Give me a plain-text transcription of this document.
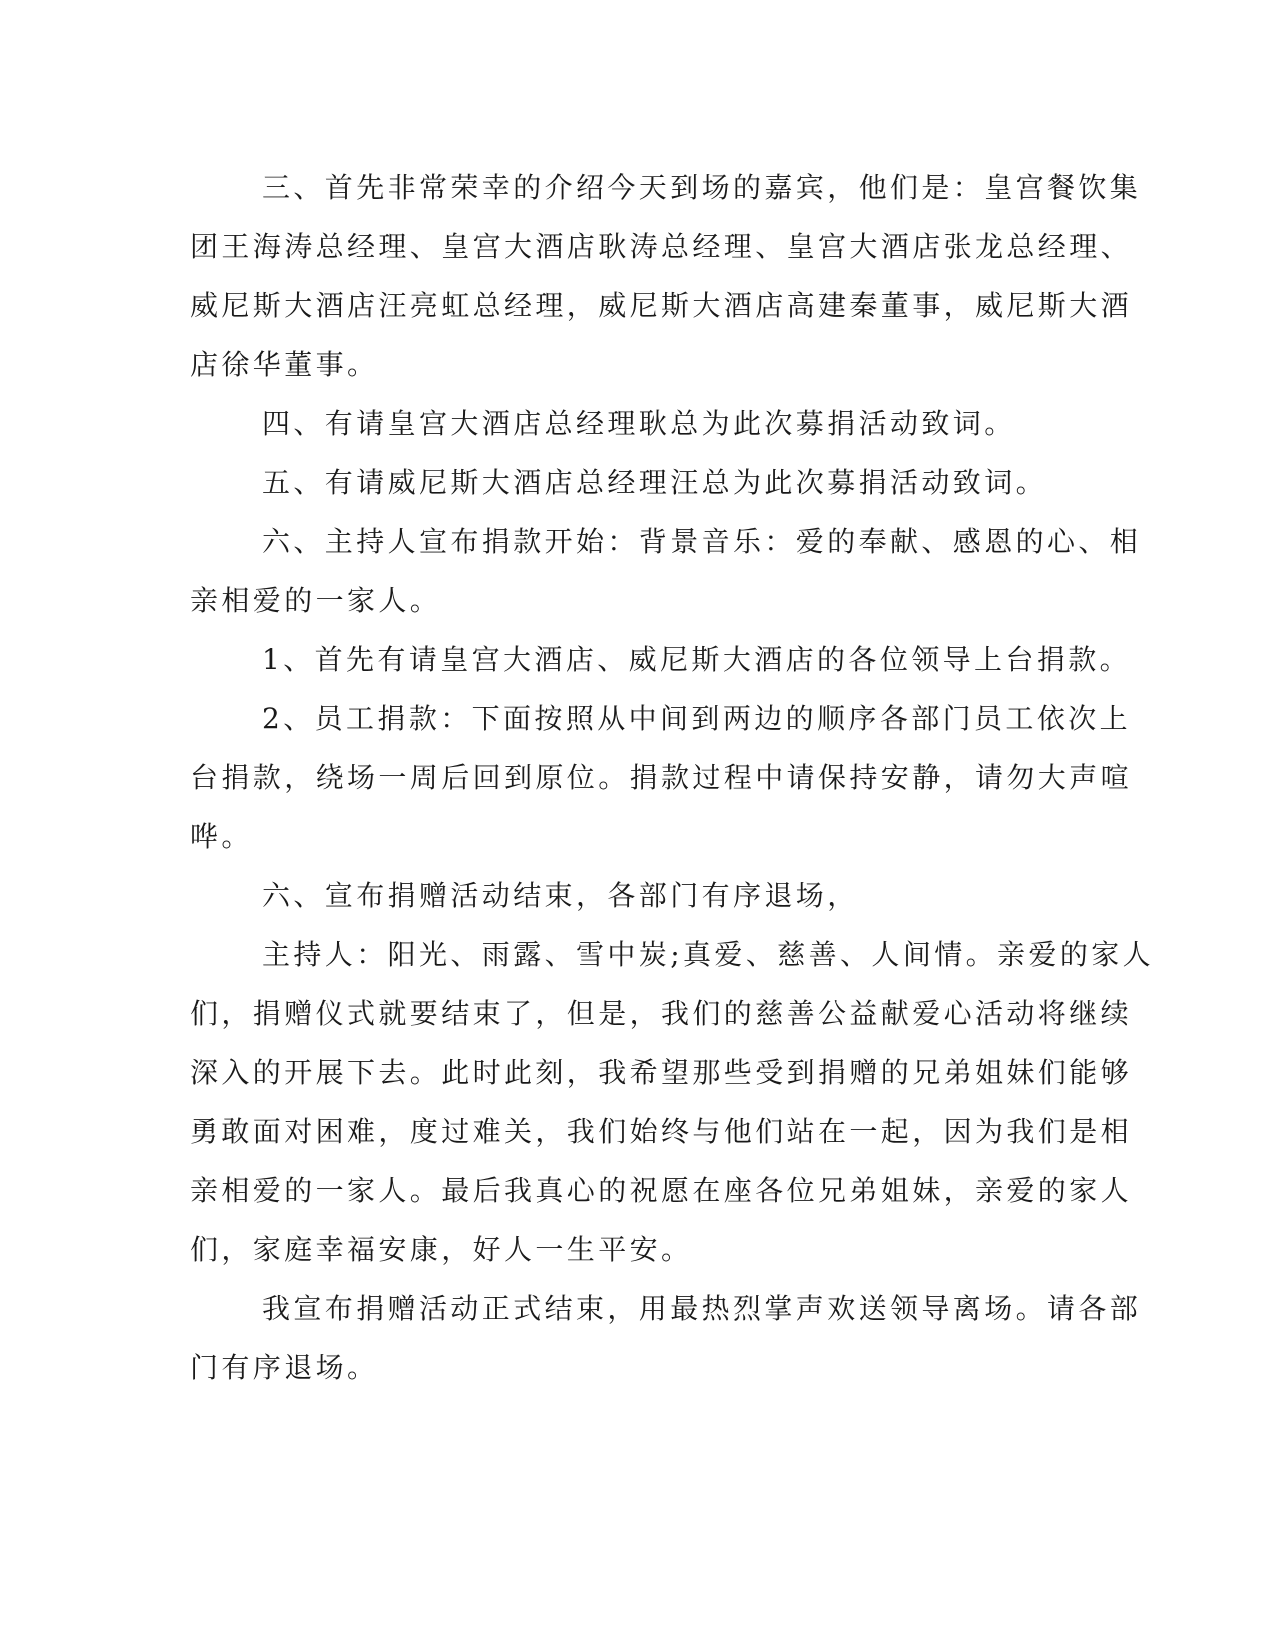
三、首先非常荣幸的介绍今天到场的嘉宾，他们是：皇宫餐饮集
团王海涛总经理、皇宫大酒店耿涛总经理、皇宫大酒店张龙总经理、
威尼斯大酒店汪亮虹总经理，威尼斯大酒店高建秦董事，威尼斯大酒
店徐华董事。
四、有请皇宫大酒店总经理耿总为此次募捐活动致词。
五、有请威尼斯大酒店总经理汪总为此次募捐活动致词。
六、主持人宣布捐款开始：背景音乐：爱的奉献、感恩的心、相
亲相爱的一家人。
1、首先有请皇宫大酒店、威尼斯大酒店的各位领导上台捐款。
2、员工捐款：下面按照从中间到两边的顺序各部门员工依次上
台捐款，绕场一周后回到原位。捐款过程中请保持安静，请勿大声喧
哗。
六、宣布捐赠活动结束，各部门有序退场，
主持人：阳光、雨露、雪中炭;真爱、慈善、人间情。亲爱的家人
们，捐赠仪式就要结束了，但是，我们的慈善公益献爱心活动将继续
深入的开展下去。此时此刻，我希望那些受到捐赠的兄弟姐妹们能够
勇敢面对困难，度过难关，我们始终与他们站在一起，因为我们是相
亲相爱的一家人。最后我真心的祝愿在座各位兄弟姐妹，亲爱的家人
们，家庭幸福安康，好人一生平安。
我宣布捐赠活动正式结束，用最热烈掌声欢送领导离场。请各部
门有序退场。
